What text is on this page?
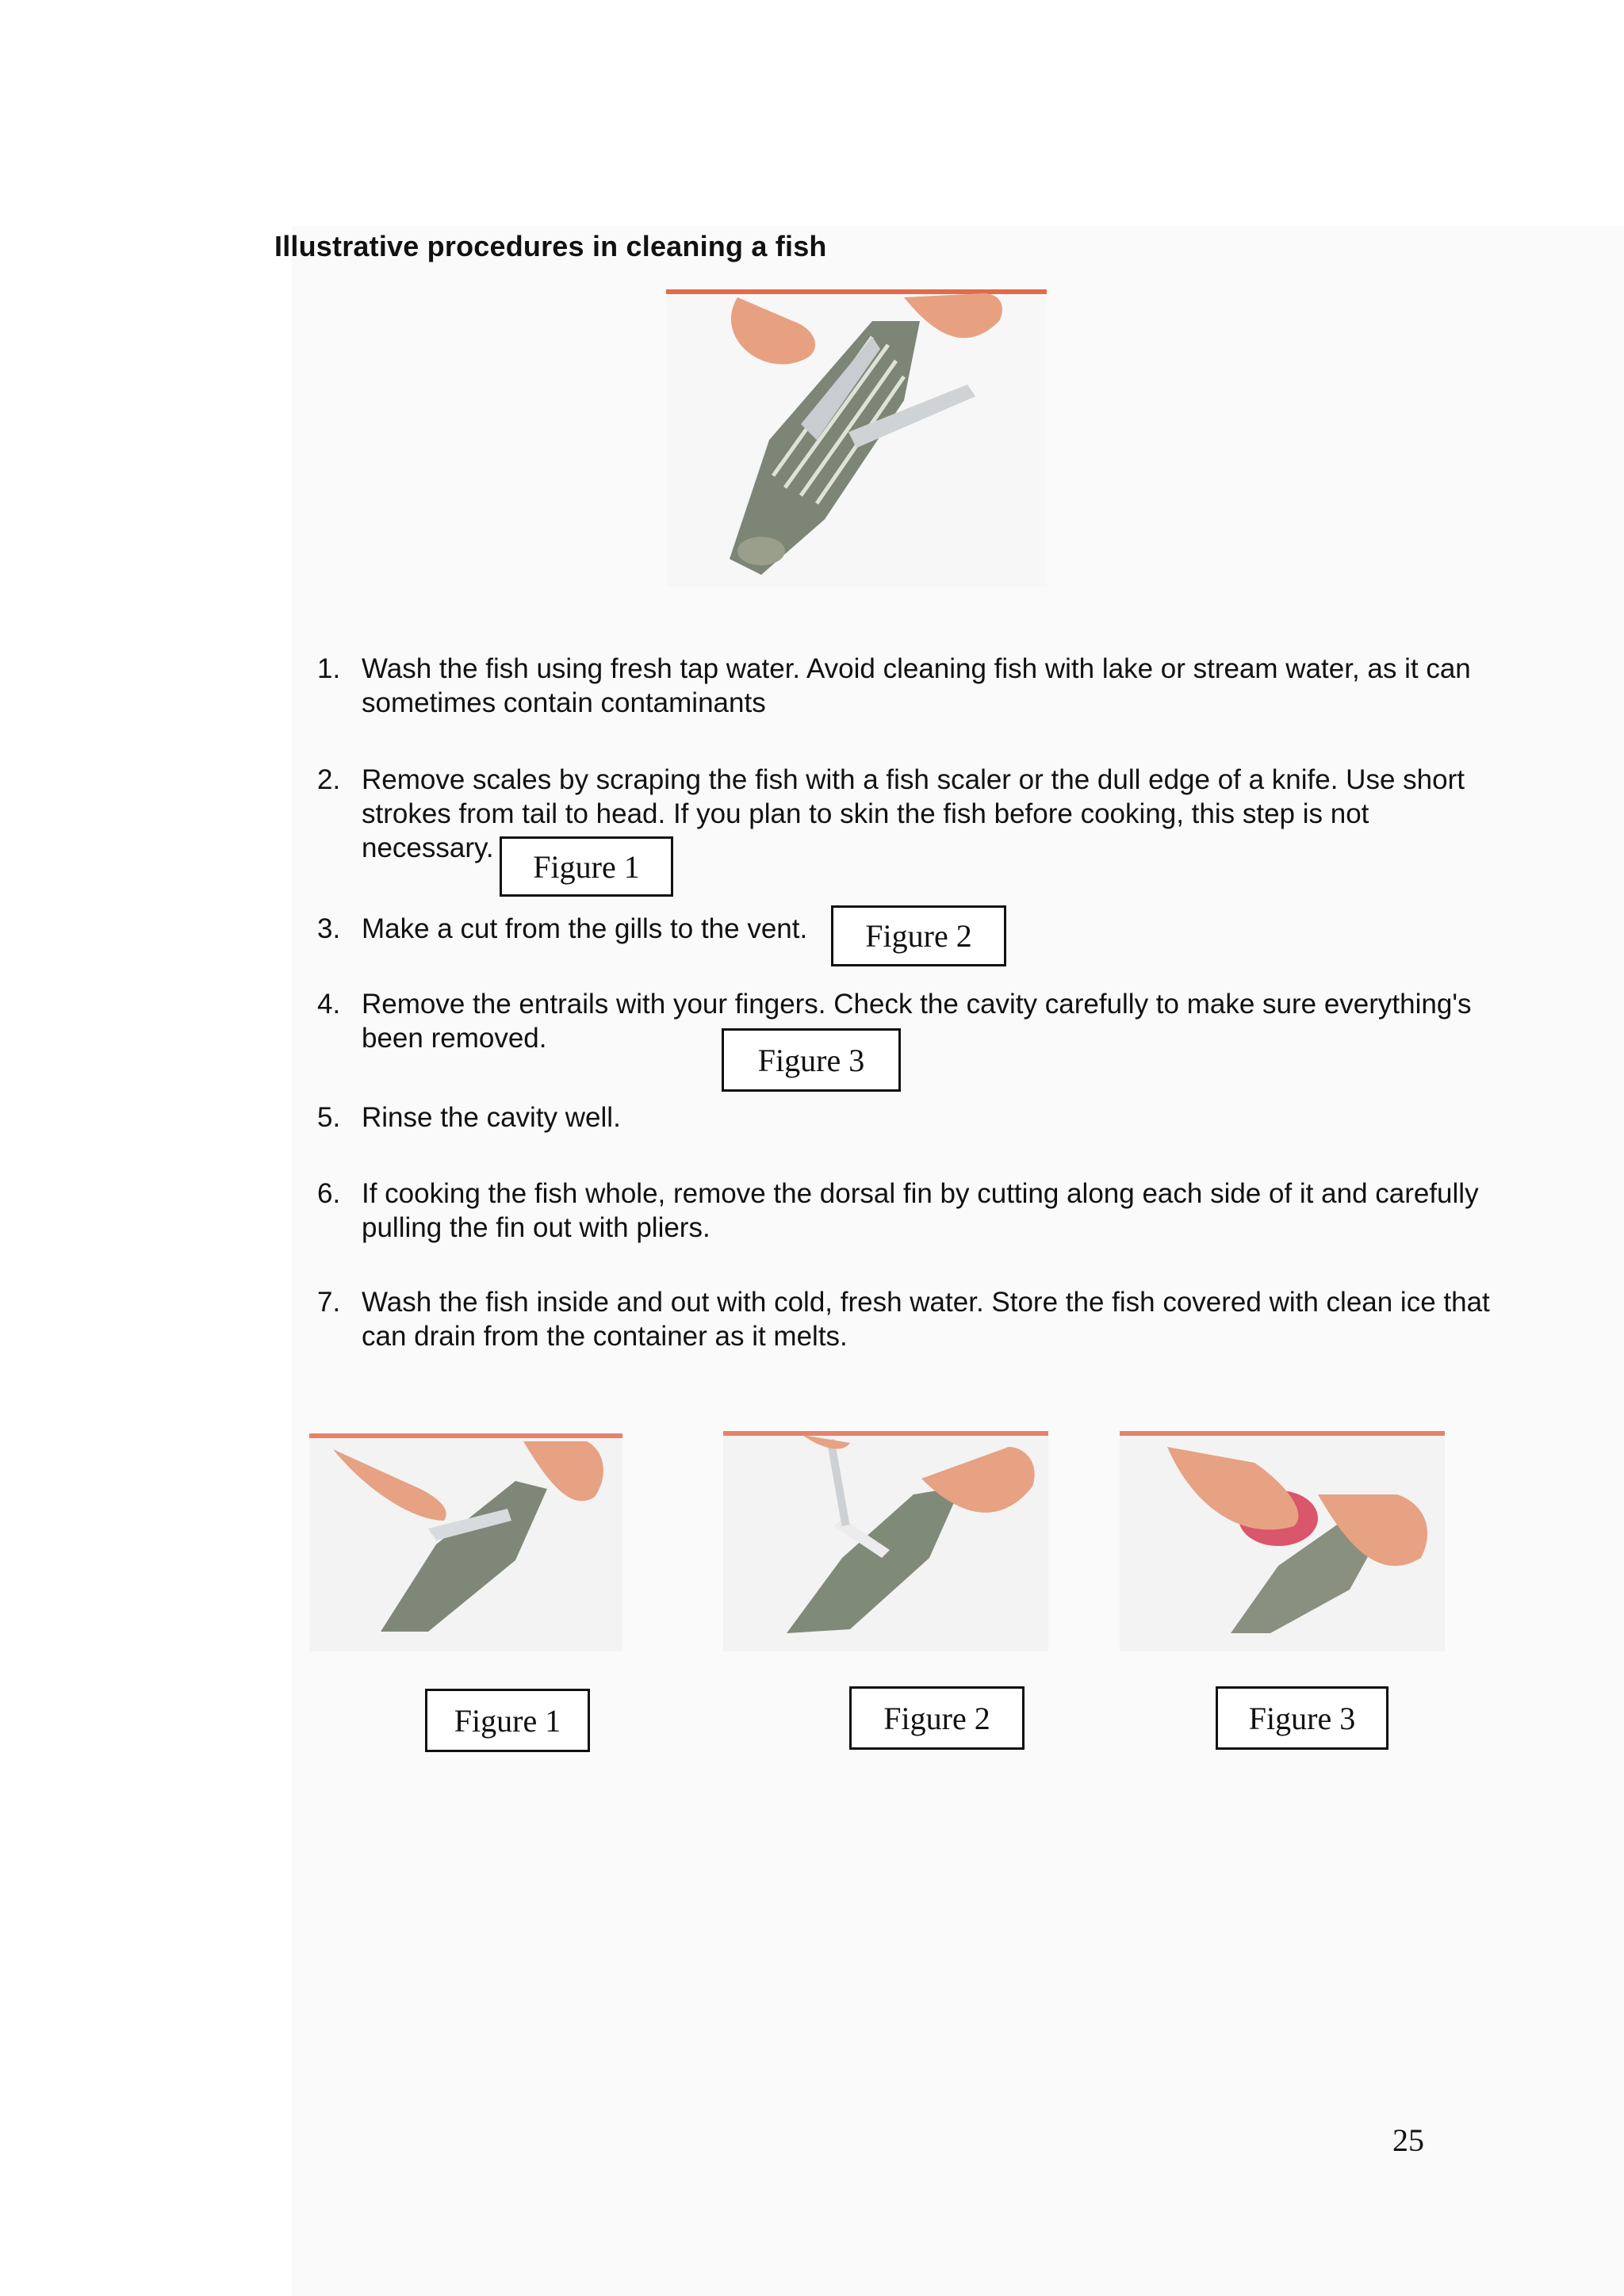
Illustrative procedures in cleaning a fish
1. Wash the fish using fresh tap water. Avoid cleaning fish with lake or stream water, as it can sometimes contain contaminants
2. Remove scales by scraping the fish with a fish scaler or the dull edge of a knife. Use short strokes from tail to head. If you plan to skin the fish before cooking, this step is not necessary.
3. Make a cut from the gills to the vent.
4. Remove the entrails with your fingers. Check the cavity carefully to make sure everything's been removed.
5. Rinse the cavity well.
6. If cooking the fish whole, remove the dorsal fin by cutting along each side of it and carefully pulling the fin out with pliers.
7. Wash the fish inside and out with cold, fresh water. Store the fish covered with clean ice that can drain from the container as it melts.
Figure 1
Figure 2
Figure 3
Figure 1	Figure 2	Figure 3
25
